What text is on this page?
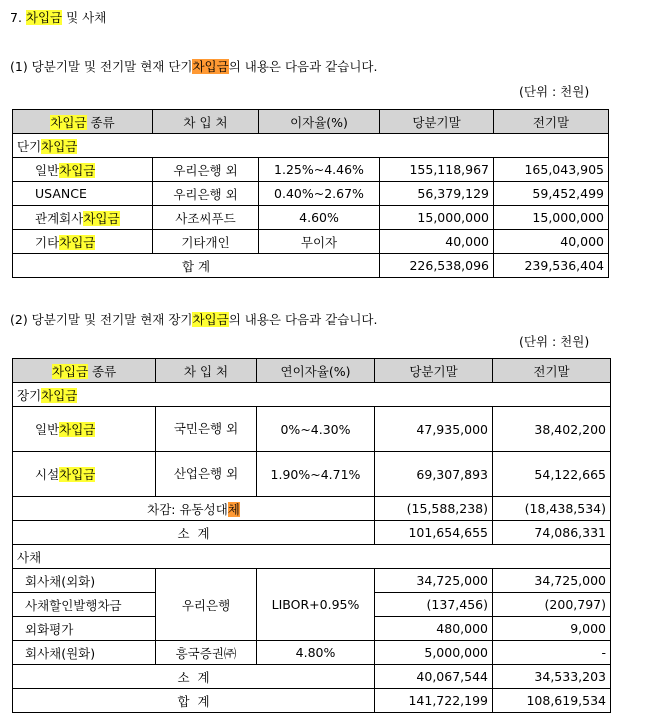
7. 차입금 및 사채
(1) 당분기말 및 전기말 현재 단기차입금의 내용은 다음과 같습니다.
(단위 : 천원)
차입금 종류	차 입 처	이자율(%)	당분기말	전기말
단기차입금				
일반차입금	우리은행 외	1.25%~4.46%	155,118,967	165,043,905
USANCE	우리은행 외	0.40%~2.67%	56,379,129	59,452,499
관계회사차입금	사조씨푸드	4.60%	15,000,000	15,000,000
기타차입금	기타개인	무이자	40,000	40,000
합 계			226,538,096	239,536,404
(2) 당분기말 및 전기말 현재 장기차입금의 내용은 다음과 같습니다.
(단위 : 천원)
차입금 종류	차 입 처	연이자율(%)	당분기말	전기말
장기차입금				
일반차입금	국민은행 외	0%~4.30%	47,935,000	38,402,200
시설차입금	산업은행 외	1.90%~4.71%	69,307,893	54,122,665
차감: 유동성대체			(15,588,238)	(18,438,534)
소  계			101,654,655	74,086,331
사채				
회사채(외화)	우리은행	LIBOR+0.95%	34,725,000	34,725,000
사채할인발행차금			(137,456)	(200,797)
외화평가			480,000	9,000
회사채(원화)	흥국증권㈜	4.80%	5,000,000	-
소  계			40,067,544	34,533,203
합  계			141,722,199	108,619,534
